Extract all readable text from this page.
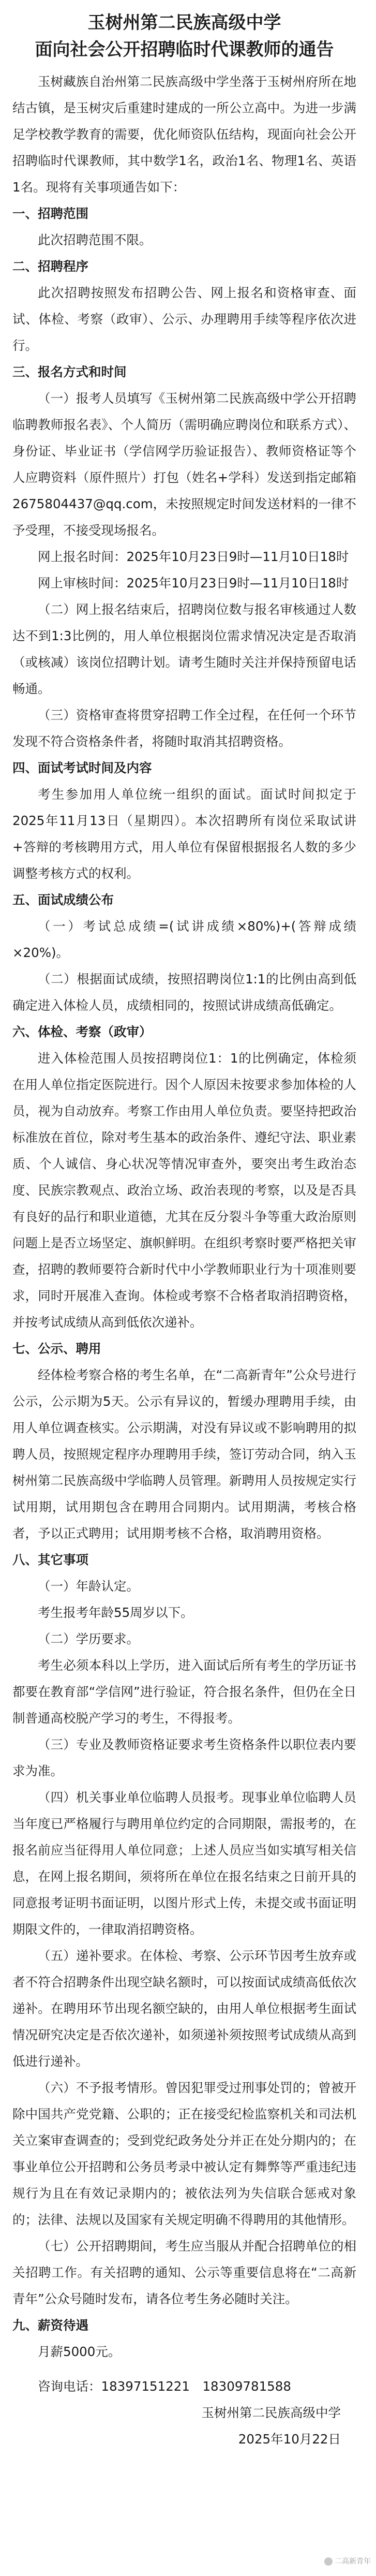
玉树州第二民族高级中学
面向社会公开招聘临时代课教师的通告

玉树藏族自治州第二民族高级中学坐落于玉树州府所在地结古镇，是玉树灾后重建时建成的一所公立高中。为进一步满足学校教学教育的需要，优化师资队伍结构，现面向社会公开招聘临时代课教师，其中数学1名，政治1名、物理1名、英语1名。现将有关事项通告如下：

一、招聘范围

此次招聘范围不限。

二、招聘程序

此次招聘按照发布招聘公告、网上报名和资格审查、面试、体检、考察（政审）、公示、办理聘用手续等程序依次进行。

三、报名方式和时间

（一）报考人员填写《玉树州第二民族高级中学公开招聘临聘教师报名表》、个人简历（需明确应聘岗位和联系方式）、身份证、毕业证书（学信网学历验证报告）、教师资格证等个人应聘资料（原件照片）打包（姓名+学科）发送到指定邮箱2675804437@qq.com，未按照规定时间发送材料的一律不予受理，不接受现场报名。

网上报名时间：2025年10月23日9时—11月10日18时

网上审核时间：2025年10月23日9时—11月10日18时

（二）网上报名结束后，招聘岗位数与报名审核通过人数达不到1:3比例的，用人单位根据岗位需求情况决定是否取消（或核减）该岗位招聘计划。请考生随时关注并保持预留电话畅通。

（三）资格审查将贯穿招聘工作全过程，在任何一个环节发现不符合资格条件者，将随时取消其招聘资格。

四、面试考试时间及内容

考生参加用人单位统一组织的面试。面试时间拟定于2025年11月13日（星期四）。本次招聘所有岗位采取试讲+答辩的考核聘用方式，用人单位有保留根据报名人数的多少调整考核方式的权利。

五、面试成绩公布

（一）考试总成绩=(试讲成绩×80%)+(答辩成绩×20%)。

（二）根据面试成绩，按照招聘岗位1:1的比例由高到低确定进入体检人员，成绩相同的，按照试讲成绩高低确定。

六、体检、考察（政审）

进入体检范围人员按招聘岗位1：1的比例确定，体检须在用人单位指定医院进行。因个人原因未按要求参加体检的人员，视为自动放弃。考察工作由用人单位负责。要坚持把政治标准放在首位，除对考生基本的政治条件、遵纪守法、职业素质、个人诚信、身心状况等情况审查外，要突出考生政治态度、民族宗教观点、政治立场、政治表现的考察，以及是否具有良好的品行和职业道德，尤其在反分裂斗争等重大政治原则问题上是否立场坚定、旗帜鲜明。在组织考察时要严格把关审查，招聘的教师要符合新时代中小学教师职业行为十项准则要求，同时开展准入查询。体检或考察不合格者取消招聘资格，并按考试成绩从高到低依次递补。

七、公示、聘用

经体检考察合格的考生名单，在“二高新青年”公众号进行公示，公示期为5天。公示有异议的，暂缓办理聘用手续，由用人单位调查核实。公示期满，对没有异议或不影响聘用的拟聘人员，按照规定程序办理聘用手续，签订劳动合同，纳入玉树州第二民族高级中学临聘人员管理。新聘用人员按规定实行试用期，试用期包含在聘用合同期内。试用期满，考核合格者，予以正式聘用；试用期考核不合格，取消聘用资格。

八、其它事项

（一）年龄认定。

考生报考年龄55周岁以下。

（二）学历要求。

考生必须本科以上学历，进入面试后所有考生的学历证书都要在教育部“学信网”进行验证，符合报名条件，但仍在全日制普通高校脱产学习的考生，不得报考。

（三）专业及教师资格证要求考生资格条件以职位表内要求为准。

（四）机关事业单位临聘人员报考。现事业单位临聘人员当年度已严格履行与聘用单位约定的合同期限，需报考的，在报名前应当征得用人单位同意；上述人员应当如实填写相关信息，在网上报名期间，须将所在单位在报名结束之日前开具的同意报考证明书面证明，以图片形式上传，未提交或书面证明期限文件的，一律取消招聘资格。

（五）递补要求。在体检、考察、公示环节因考生放弃或者不符合招聘条件出现空缺名额时，可以按面试成绩高低依次递补。在聘用环节出现名额空缺的，由用人单位根据考生面试情况研究决定是否依次递补，如须递补须按照考试成绩从高到低进行递补。

（六）不予报考情形。曾因犯罪受过刑事处罚的；曾被开除中国共产党党籍、公职的；正在接受纪检监察机关和司法机关立案审查调查的；受到党纪政务处分并正在处分期内的；在事业单位公开招聘和公务员考录中被认定有舞弊等严重违纪违规行为且在有效记录期内的；被依法列为失信联合惩戒对象的；法律、法规以及国家有关规定明确不得聘用的其他情形。

（七）公开招聘期间，考生应当服从并配合招聘单位的相关招聘工作。有关招聘的通知、公示等重要信息将在“二高新青年”公众号随时发布，请各位考生务必随时关注。

九、薪资待遇

月薪5000元。

咨询电话：18397151221　18309781588

玉树州第二民族高级中学

2025年10月22日

二高新青年
